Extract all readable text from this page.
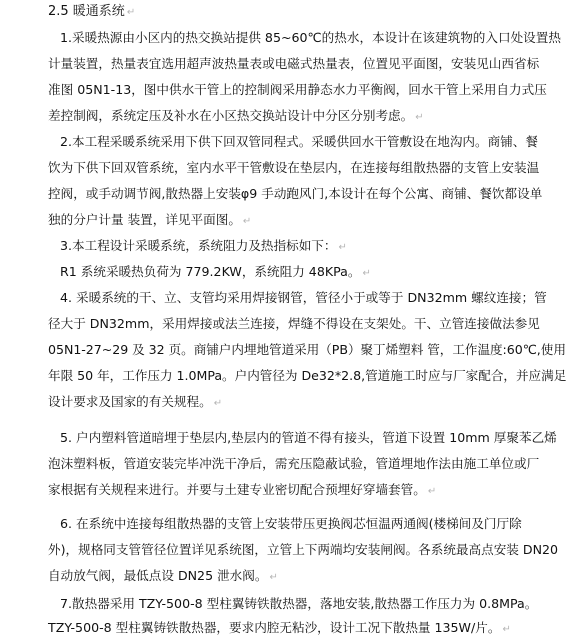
2.5 暖通系统 ↵
1.采暖热源由小区内的热交换站提供 85~60℃的热水，本设计在该建筑物的入口处设置热
计量装置，热量表宜选用超声波热量表或电磁式热量表，位置见平面图，安装见山西省标
准图 05N1-13，图中供水干管上的控制阀采用静态水力平衡阀，回水干管上采用自力式压
差控制阀，系统定压及补水在小区热交换站设计中分区分别考虑。 ↵
2.本工程采暖系统采用下供下回双管同程式。采暖供回水干管敷设在地沟内。商铺、餐
饮为下供下回双管系统，室内水平干管敷设在垫层内，在连接每组散热器的支管上安装温
控阀，或手动调节阀,散热器上安装φ9 手动跑风门,本设计在每个公寓、商铺、餐饮都设单
独的分户计量 装置，详见平面图。 ↵
3.本工程设计采暖系统，系统阻力及热指标如下： ↵
R1 系统采暖热负荷为 779.2KW，系统阻力 48KPa。 ↵
4. 采暖系统的干、立、支管均采用焊接钢管，管径小于或等于 DN32mm 螺纹连接；管
径大于 DN32mm，采用焊接或法兰连接，焊缝不得设在支架处。干、立管连接做法参见
05N1-27~29 及 32 页。商铺户内埋地管道采用（PB）聚丁烯塑料 管，工作温度:60℃,使用
年限 50 年，工作压力 1.0MPa。户内管径为 De32*2.8,管道施工时应与厂家配合，并应满足
设计要求及国家的有关规程。 ↵
5. 户内塑料管道暗埋于垫层内,垫层内的管道不得有接头，管道下设置 10mm 厚聚苯乙烯
泡沫塑料板，管道安装完毕冲洗干净后，需充压隐蔽试验，管道埋地作法由施工单位或厂
家根据有关规程来进行。并要与土建专业密切配合预埋好穿墙套管。 ↵
6. 在系统中连接每组散热器的支管上安装带压更换阀芯恒温两通阀(楼梯间及门厅除
外)，规格同支管管径位置详见系统图，立管上下两端均安装闸阀。各系统最高点安装 DN20
自动放气阀，最低点设 DN25 泄水阀。 ↵
7.散热器采用 TZY-500-8 型柱翼铸铁散热器，落地安装,散热器工作压力为 0.8MPa。
TZY-500-8 型柱翼铸铁散热器，要求内腔无粘沙，设计工况下散热量 135W/片。 ↵
